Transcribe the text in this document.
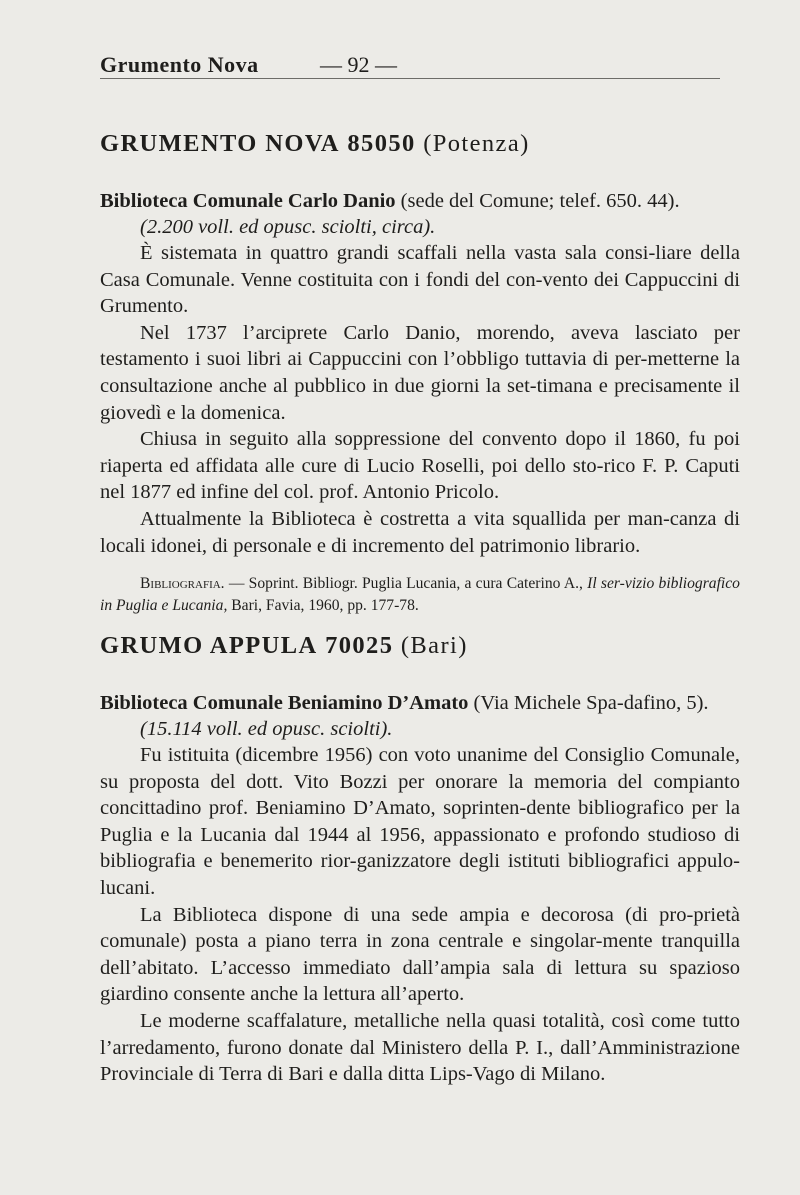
Grumento Nova	— 92 —
GRUMENTO NOVA 85050 (Potenza)

Biblioteca Comunale Carlo Danio (sede del Comune; telef. 650. 44).

(2.200 voll. ed opusc. sciolti, circa).

È sistemata in quattro grandi scaffali nella vasta sala consi-liare della Casa Comunale. Venne costituita con i fondi del con-vento dei Cappuccini di Grumento.

Nel 1737 l’arciprete Carlo Danio, morendo, aveva lasciato per testamento i suoi libri ai Cappuccini con l’obbligo tuttavia di per-metterne la consultazione anche al pubblico in due giorni la set-timana e precisamente il giovedì e la domenica.

Chiusa in seguito alla soppressione del convento dopo il 1860, fu poi riaperta ed affidata alle cure di Lucio Roselli, poi dello sto-rico F. P. Caputi nel 1877 ed infine del col. prof. Antonio Pricolo.

Attualmente la Biblioteca è costretta a vita squallida per man-canza di locali idonei, di personale e di incremento del patrimonio librario.

Bibliografia. — Soprint. Bibliogr. Puglia Lucania, a cura Caterino A., Il ser-vizio bibliografico in Puglia e Lucania, Bari, Favia, 1960, pp. 177-78.

GRUMO APPULA 70025 (Bari)

Biblioteca Comunale Beniamino D’Amato (Via Michele Spa-dafino, 5).

(15.114 voll. ed opusc. sciolti).

Fu istituita (dicembre 1956) con voto unanime del Consiglio Comunale, su proposta del dott. Vito Bozzi per onorare la memoria del compianto concittadino prof. Beniamino D’Amato, soprinten-dente bibliografico per la Puglia e la Lucania dal 1944 al 1956, appassionato e profondo studioso di bibliografia e benemerito rior-ganizzatore degli istituti bibliografici appulo-lucani.

La Biblioteca dispone di una sede ampia e decorosa (di pro-prietà comunale) posta a piano terra in zona centrale e singolar-mente tranquilla dell’abitato. L’accesso immediato dall’ampia sala di lettura su spazioso giardino consente anche la lettura all’aperto.

Le moderne scaffalature, metalliche nella quasi totalità, così come tutto l’arredamento, furono donate dal Ministero della P. I., dall’Amministrazione Provinciale di Terra di Bari e dalla ditta Lips-Vago di Milano.
